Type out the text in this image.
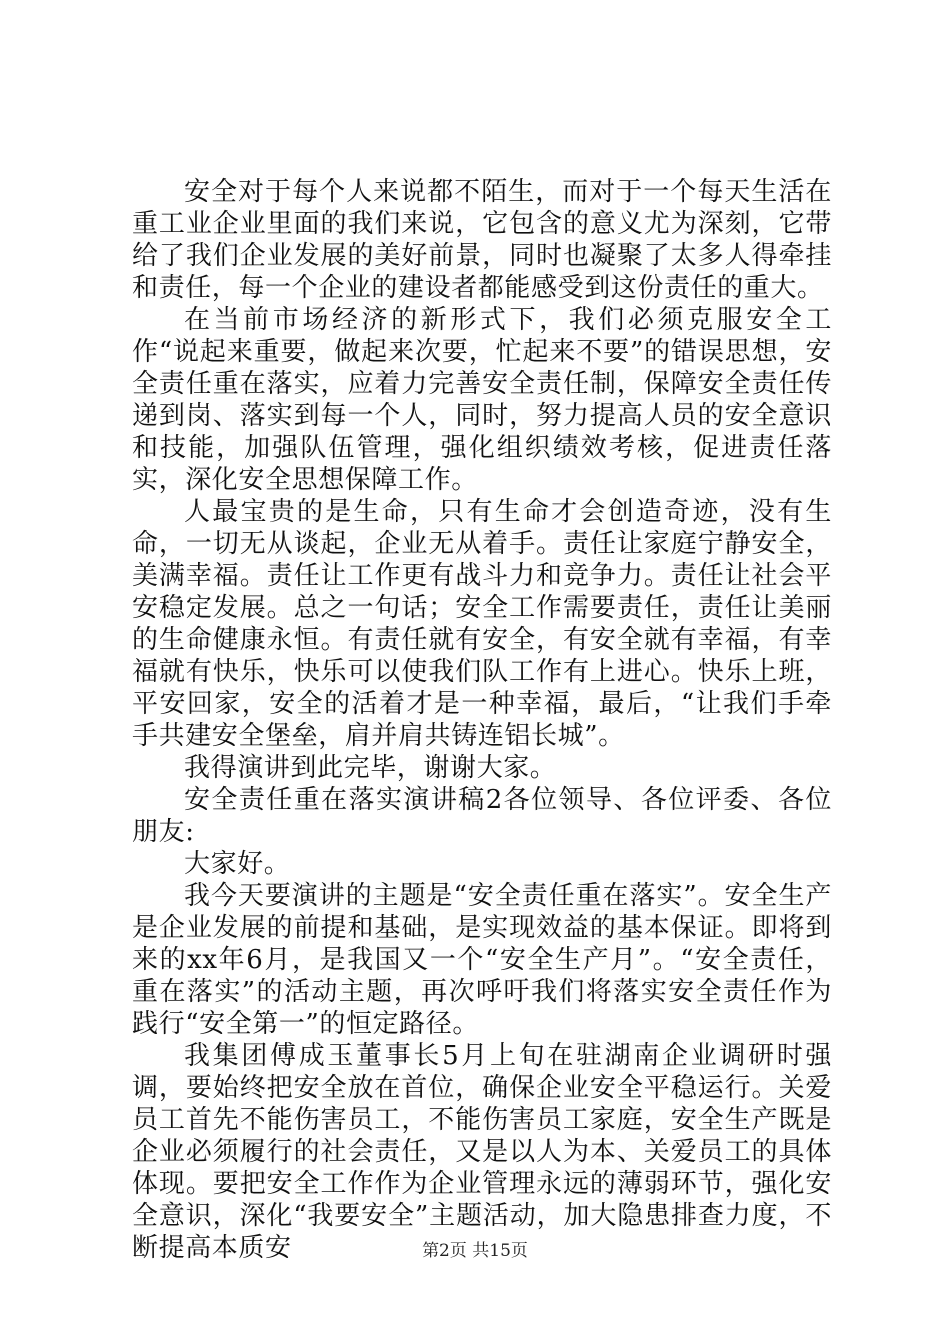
安全对于每个人来说都不陌生，而对于一个每天生活在重工业企业里面的我们来说，它包含的意义尤为深刻，它带给了我们企业发展的美好前景，同时也凝聚了太多人得牵挂和责任，每一个企业的建设者都能感受到这份责任的重大。

在当前市场经济的新形式下，我们必须克服安全工作“说起来重要，做起来次要，忙起来不要”的错误思想，安全责任重在落实，应着力完善安全责任制，保障安全责任传递到岗、落实到每一个人，同时，努力提高人员的安全意识和技能，加强队伍管理，强化组织绩效考核，促进责任落实，深化安全思想保障工作。

人最宝贵的是生命，只有生命才会创造奇迹，没有生命，一切无从谈起，企业无从着手。责任让家庭宁静安全，美满幸福。责任让工作更有战斗力和竞争力。责任让社会平安稳定发展。总之一句话；安全工作需要责任，责任让美丽的生命健康永恒。有责任就有安全，有安全就有幸福，有幸福就有快乐，快乐可以使我们队工作有上进心。快乐上班，平安回家，安全的活着才是一种幸福，最后，“让我们手牵手共建安全堡垒，肩并肩共铸连铝长城”。

我得演讲到此完毕，谢谢大家。

安全责任重在落实演讲稿2各位领导、各位评委、各位朋友:

大家好。

我今天要演讲的主题是“安全责任重在落实”。安全生产是企业发展的前提和基础，是实现效益的基本保证。即将到来的xx年6月，是我国又一个“安全生产月”。“安全责任，重在落实”的活动主题，再次呼吁我们将落实安全责任作为践行“安全第一”的恒定路径。

我集团傅成玉董事长5月上旬在驻湖南企业调研时强调，要始终把安全放在首位，确保企业安全平稳运行。关爱员工首先不能伤害员工，不能伤害员工家庭，安全生产既是企业必须履行的社会责任，又是以人为本、关爱员工的具体体现。要把安全工作作为企业管理永远的薄弱环节，强化安全意识，深化“我要安全”主题活动，加大隐患排查力度，不断提高本质安	第2页 共15页
